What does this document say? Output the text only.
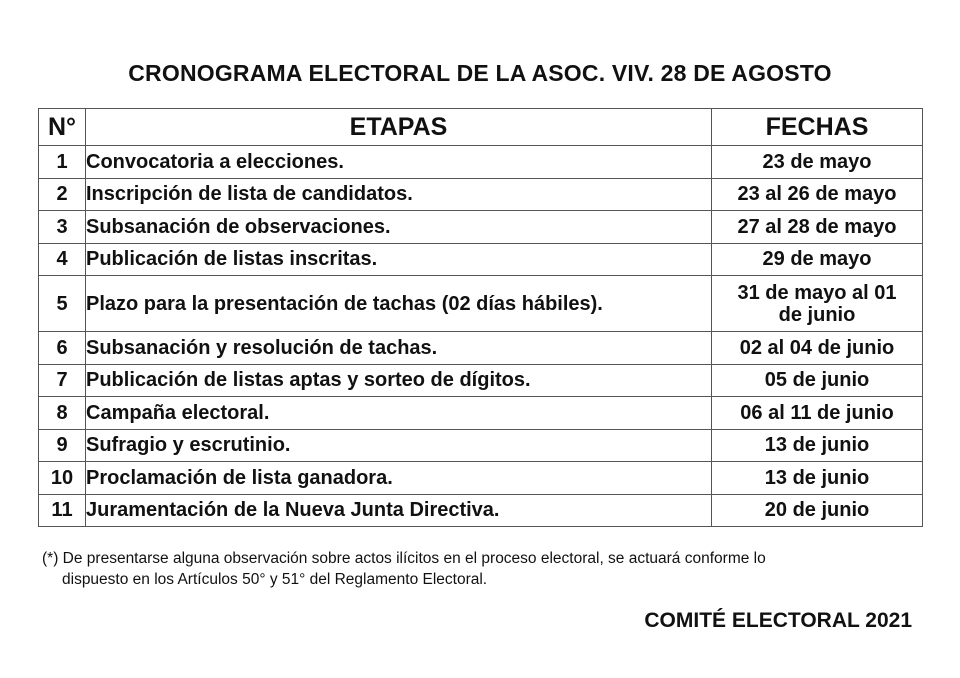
CRONOGRAMA ELECTORAL DE LA ASOC. VIV. 28 DE AGOSTO
N°	ETAPAS	FECHAS
1	Convocatoria a elecciones.	23 de mayo
2	Inscripción de lista de candidatos.	23 al 26 de mayo
3	Subsanación de observaciones.	27 al 28 de mayo
4	Publicación de listas inscritas.	29 de mayo
5	Plazo para la presentación de tachas (02 días hábiles).	31 de mayo al 01
de junio

6	Subsanación y resolución de tachas.	02 al 04 de junio
7	Publicación de listas aptas y sorteo de dígitos.	05 de junio
8	Campaña electoral.	06 al 11 de junio
9	Sufragio y escrutinio.	13 de junio
10	Proclamación de lista ganadora.	13 de junio
11	Juramentación de la Nueva Junta Directiva.	20 de junio
(*) De presentarse alguna observación sobre actos ilícitos en el proceso electoral, se actuará conforme lo
dispuesto en los Artículos 50° y 51° del Reglamento Electoral.
COMITÉ ELECTORAL 2021
